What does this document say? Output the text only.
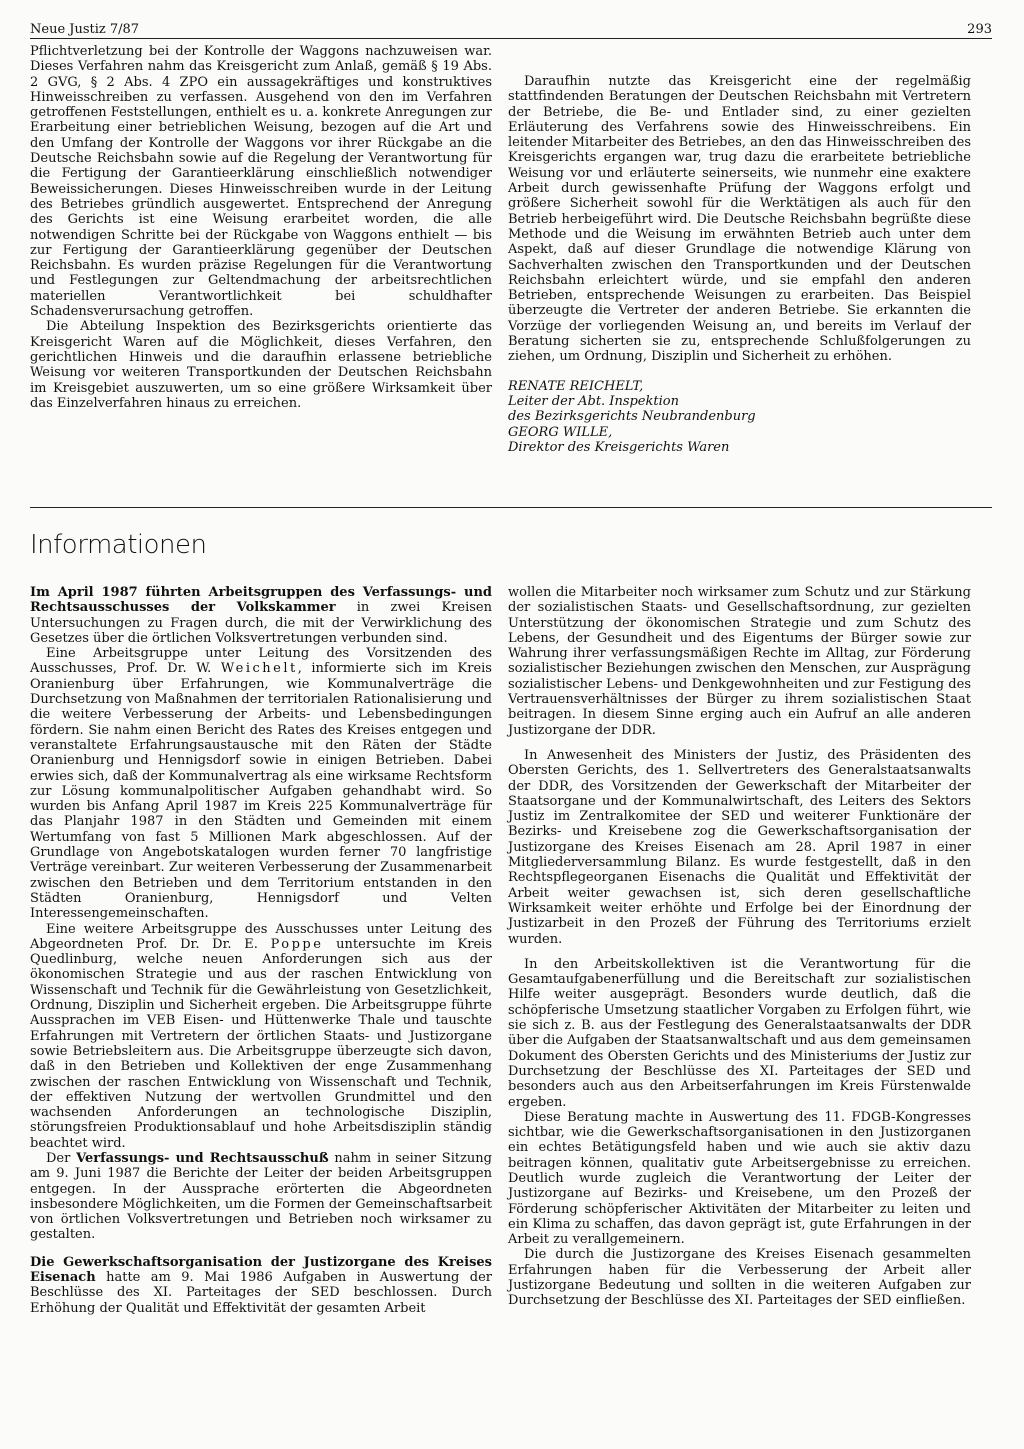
Neue Justiz 7/87	293

Pflichtverletzung bei der Kontrolle der Waggons nachzuweisen war. Dieses Verfahren nahm das Kreisgericht zum Anlaß, gemäß § 19 Abs. 2 GVG, § 2 Abs. 4 ZPO ein aussagekräftiges und konstruktives Hinweisschreiben zu verfassen. Ausgehend von den im Verfahren getroffenen Feststellungen, enthielt es u. a. konkrete Anregungen zur Erarbeitung einer betrieblichen Weisung, bezogen auf die Art und den Umfang der Kontrolle der Waggons vor ihrer Rückgabe an die Deutsche Reichsbahn sowie auf die Regelung der Verantwortung für die Fertigung der Garantieerklärung einschließlich notwendiger Beweissicherungen. Dieses Hinweisschreiben wurde in der Leitung des Betriebes gründlich ausgewertet. Entsprechend der Anregung des Gerichts ist eine Weisung erarbeitet worden, die alle notwendigen Schritte bei der Rückgabe von Waggons enthielt — bis zur Fertigung der Garantieerklärung gegenüber der Deutschen Reichsbahn. Es wurden präzise Regelungen für die Verantwortung und Festlegungen zur Geltendmachung der arbeitsrechtlichen materiellen Verantwortlichkeit bei schuldhafter Schadensverursachung getroffen.

Die Abteilung Inspektion des Bezirksgerichts orientierte das Kreisgericht Waren auf die Möglichkeit, dieses Verfahren, den gerichtlichen Hinweis und die daraufhin erlassene betriebliche Weisung vor weiteren Transportkunden der Deutschen Reichsbahn im Kreisgebiet auszuwerten, um so eine größere Wirksamkeit über das Einzelverfahren hinaus zu erreichen.

Daraufhin nutzte das Kreisgericht eine der regelmäßig stattfindenden Beratungen der Deutschen Reichsbahn mit Vertretern der Betriebe, die Be- und Entlader sind, zu einer gezielten Erläuterung des Verfahrens sowie des Hinweisschreibens. Ein leitender Mitarbeiter des Betriebes, an den das Hinweisschreiben des Kreisgerichts ergangen war, trug dazu die erarbeitete betriebliche Weisung vor und erläuterte seinerseits, wie nunmehr eine exaktere Arbeit durch gewissenhafte Prüfung der Waggons erfolgt und größere Sicherheit sowohl für die Werktätigen als auch für den Betrieb herbeigeführt wird. Die Deutsche Reichsbahn begrüßte diese Methode und die Weisung im erwähnten Betrieb auch unter dem Aspekt, daß auf dieser Grundlage die notwendige Klärung von Sachverhalten zwischen den Transportkunden und der Deutschen Reichsbahn erleichtert würde, und sie empfahl den anderen Betrieben, entsprechende Weisungen zu erarbeiten. Das Beispiel überzeugte die Vertreter der anderen Betriebe. Sie erkannten die Vorzüge der vorliegenden Weisung an, und bereits im Verlauf der Beratung sicherten sie zu, entsprechende Schlußfolgerungen zu ziehen, um Ordnung, Disziplin und Sicherheit zu erhöhen.

RENATE REICHELT,
Leiter der Abt. Inspektion
des Bezirksgerichts Neubrandenburg
GEORG WILLE,
Direktor des Kreisgerichts Waren
Informationen

Im April 1987 führten Arbeitsgruppen des Verfassungs- und Rechtsausschusses der Volkskammer in zwei Kreisen Untersuchungen zu Fragen durch, die mit der Verwirklichung des Gesetzes über die örtlichen Volksvertretungen verbunden sind.

Eine Arbeitsgruppe unter Leitung des Vorsitzenden des Ausschusses, Prof. Dr. W. Weichelt, informierte sich im Kreis Oranienburg über Erfahrungen, wie Kommunalverträge die Durchsetzung von Maßnahmen der territorialen Rationalisierung und die weitere Verbesserung der Arbeits- und Lebensbedingungen fördern. Sie nahm einen Bericht des Rates des Kreises entgegen und veranstaltete Erfahrungsaustausche mit den Räten der Städte Oranienburg und Hennigsdorf sowie in einigen Betrieben. Dabei erwies sich, daß der Kommunalvertrag als eine wirksame Rechtsform zur Lösung kommunalpolitischer Aufgaben gehandhabt wird. So wurden bis Anfang April 1987 im Kreis 225 Kommunalverträge für das Planjahr 1987 in den Städten und Gemeinden mit einem Wertumfang von fast 5 Millionen Mark abgeschlossen. Auf der Grundlage von Angebotskatalogen wurden ferner 70 langfristige Verträge vereinbart. Zur weiteren Verbesserung der Zusammenarbeit zwischen den Betrieben und dem Territorium entstanden in den Städten Oranienburg, Hennigsdorf und Velten Interessengemeinschaften.

Eine weitere Arbeitsgruppe des Ausschusses unter Leitung des Abgeordneten Prof. Dr. Dr. E. Poppe untersuchte im Kreis Quedlinburg, welche neuen Anforderungen sich aus der ökonomischen Strategie und aus der raschen Entwicklung von Wissenschaft und Technik für die Gewährleistung von Gesetzlichkeit, Ordnung, Disziplin und Sicherheit ergeben. Die Arbeitsgruppe führte Aussprachen im VEB Eisen- und Hüttenwerke Thale und tauschte Erfahrungen mit Vertretern der örtlichen Staats- und Justizorgane sowie Betriebsleitern aus. Die Arbeitsgruppe überzeugte sich davon, daß in den Betrieben und Kollektiven der enge Zusammenhang zwischen der raschen Entwicklung von Wissenschaft und Technik, der effektiven Nutzung der wertvollen Grundmittel und den wachsenden Anforderungen an technologische Disziplin, störungsfreien Produktionsablauf und hohe Arbeitsdisziplin ständig beachtet wird.

Der Verfassungs- und Rechtsausschuß nahm in seiner Sitzung am 9. Juni 1987 die Berichte der Leiter der beiden Arbeitsgruppen entgegen. In der Aussprache erörterten die Abgeordneten insbesondere Möglichkeiten, um die Formen der Gemeinschaftsarbeit von örtlichen Volksvertretungen und Betrieben noch wirksamer zu gestalten.

Die Gewerkschaftsorganisation der Justizorgane des Kreises Eisenach hatte am 9. Mai 1986 Aufgaben in Auswertung der Beschlüsse des XI. Parteitages der SED beschlossen. Durch Erhöhung der Qualität und Effektivität der gesamten Arbeit

wollen die Mitarbeiter noch wirksamer zum Schutz und zur Stärkung der sozialistischen Staats- und Gesellschaftsordnung, zur gezielten Unterstützung der ökonomischen Strategie und zum Schutz des Lebens, der Gesundheit und des Eigentums der Bürger sowie zur Wahrung ihrer verfassungsmäßigen Rechte im Alltag, zur Förderung sozialistischer Beziehungen zwischen den Menschen, zur Ausprägung sozialistischer Lebens- und Denkgewohnheiten und zur Festigung des Vertrauensverhältnisses der Bürger zu ihrem sozialistischen Staat beitragen. In diesem Sinne erging auch ein Aufruf an alle anderen Justizorgane der DDR.

In Anwesenheit des Ministers der Justiz, des Präsidenten des Obersten Gerichts, des 1. Sellvertreters des Generalstaatsanwalts der DDR, des Vorsitzenden der Gewerkschaft der Mitarbeiter der Staatsorgane und der Kommunalwirtschaft, des Leiters des Sektors Justiz im Zentralkomitee der SED und weiterer Funktionäre der Bezirks- und Kreisebene zog die Gewerkschaftsorganisation der Justizorgane des Kreises Eisenach am 28. April 1987 in einer Mitgliederversammlung Bilanz. Es wurde festgestellt, daß in den Rechtspflegeorganen Eisenachs die Qualität und Effektivität der Arbeit weiter gewachsen ist, sich deren gesellschaftliche Wirksamkeit weiter erhöhte und Erfolge bei der Einordnung der Justizarbeit in den Prozeß der Führung des Territoriums erzielt wurden.

In den Arbeitskollektiven ist die Verantwortung für die Gesamtaufgabenerfüllung und die Bereitschaft zur sozialistischen Hilfe weiter ausgeprägt. Besonders wurde deutlich, daß die schöpferische Umsetzung staatlicher Vorgaben zu Erfolgen führt, wie sie sich z. B. aus der Festlegung des Generalstaatsanwalts der DDR über die Aufgaben der Staatsanwaltschaft und aus dem gemeinsamen Dokument des Obersten Gerichts und des Ministeriums der Justiz zur Durchsetzung der Beschlüsse des XI. Parteitages der SED und besonders auch aus den Arbeitserfahrungen im Kreis Fürstenwalde ergeben.

Diese Beratung machte in Auswertung des 11. FDGB-Kongresses sichtbar, wie die Gewerkschaftsorganisationen in den Justizorganen ein echtes Betätigungsfeld haben und wie auch sie aktiv dazu beitragen können, qualitativ gute Arbeitsergebnisse zu erreichen. Deutlich wurde zugleich die Verantwortung der Leiter der Justizorgane auf Bezirks- und Kreisebene, um den Prozeß der Förderung schöpferischer Aktivitäten der Mitarbeiter zu leiten und ein Klima zu schaffen, das davon geprägt ist, gute Erfahrungen in der Arbeit zu verallgemeinern.

Die durch die Justizorgane des Kreises Eisenach gesammelten Erfahrungen haben für die Verbesserung der Arbeit aller Justizorgane Bedeutung und sollten in die weiteren Aufgaben zur Durchsetzung der Beschlüsse des XI. Parteitages der SED einfließen.
